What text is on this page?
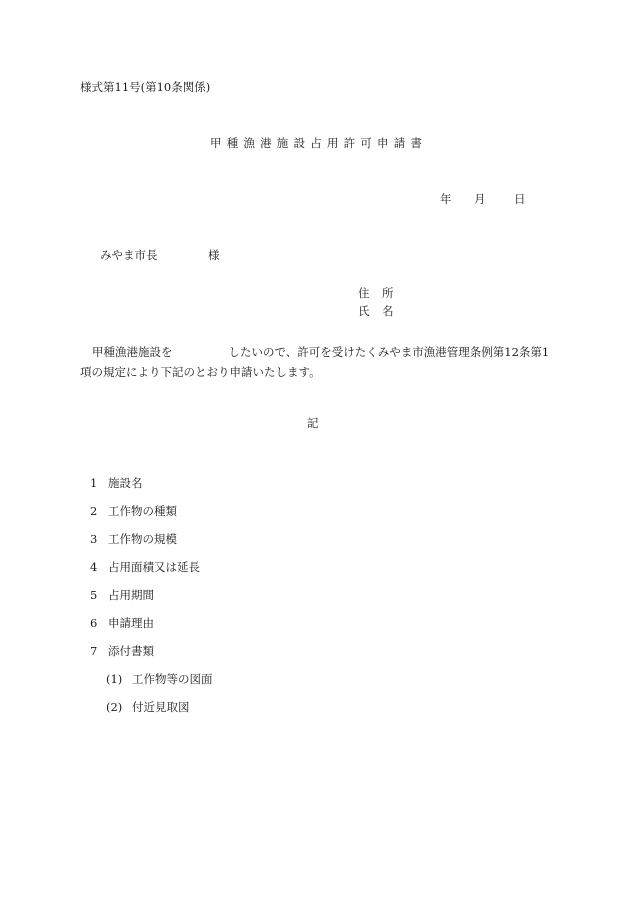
様式第11号(第10条関係)
甲種漁港施設占用許可申請書
年 月 日
みやま市長	様
住 所
氏 名
甲種漁港施設を	したいので、許可を受けたくみやま市漁港管理条例第12条第1項の規定により下記のとおり申請いたします。
記
1 施設名
2 工作物の種類
3 工作物の規模
4 占用面積又は延長
5 占用期間
6 申請理由
7 添付書類
(1) 工作物等の図面
(2) 付近見取図
